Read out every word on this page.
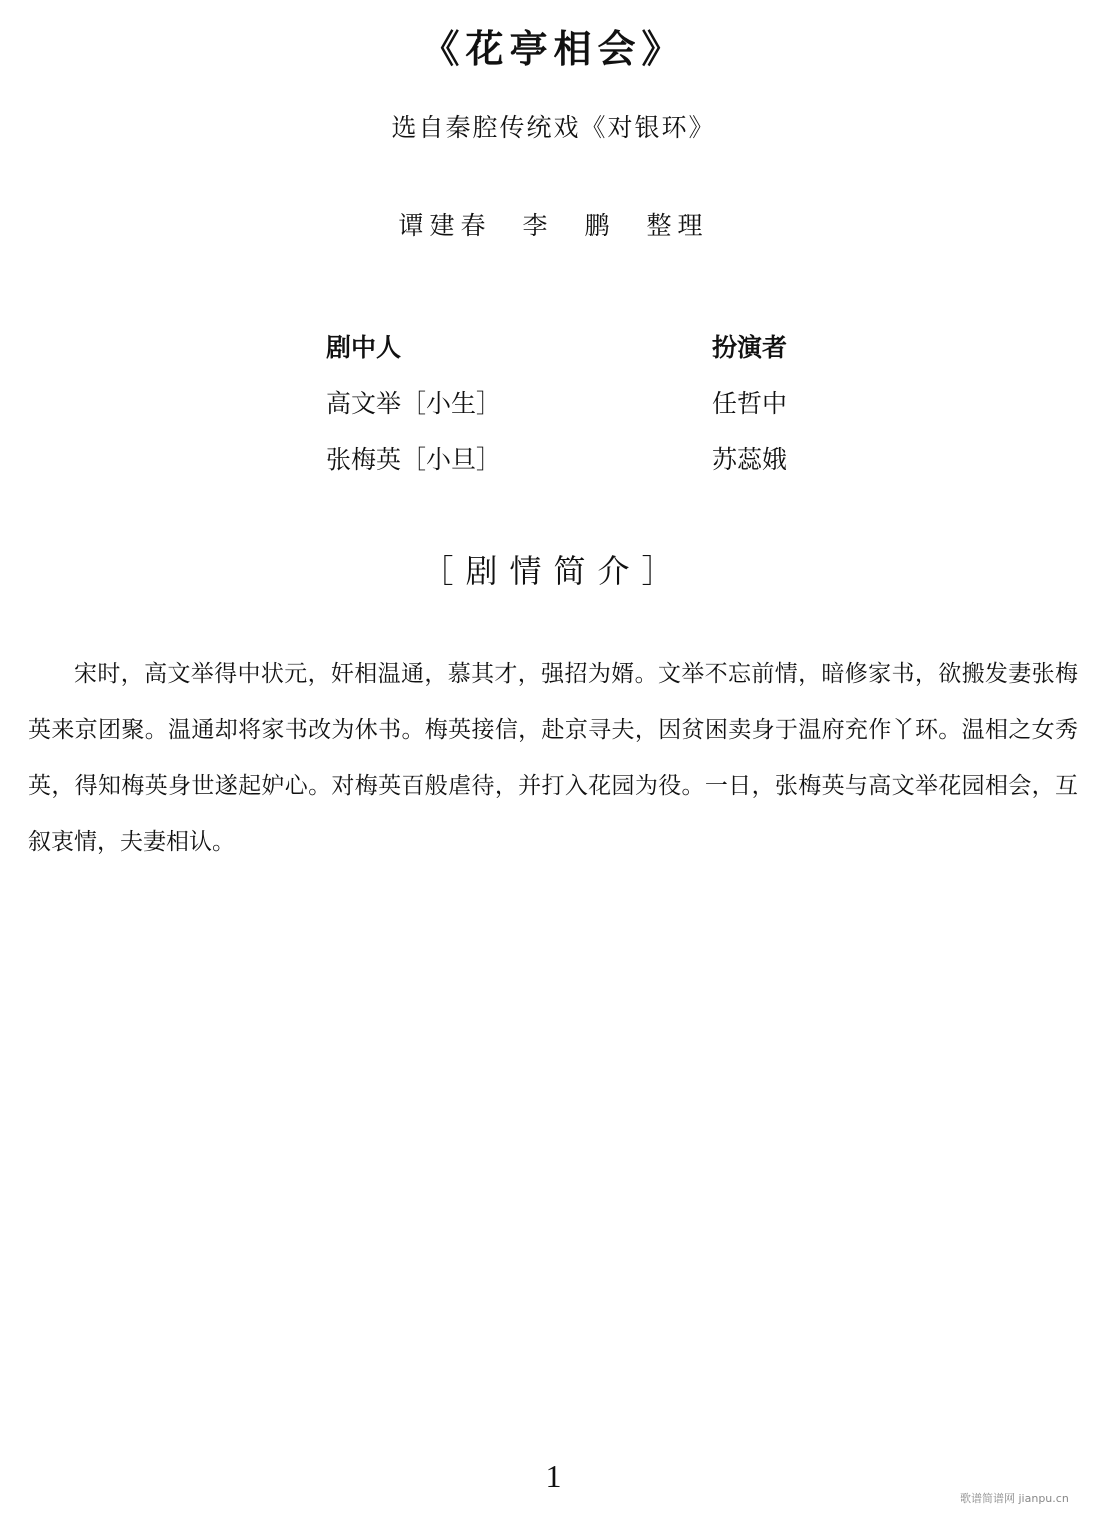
《花亭相会》
选自秦腔传统戏《对银环》
谭建春　李　鹏　整理
剧中人
高文举［小生］
张梅英［小旦］
扮演者
任哲中
苏蕊娥
［剧情简介］

宋时，高文举得中状元，奸相温通，慕其才，强招为婿。文举不忘前情，暗修家书，欲搬发妻张梅英来京团聚。温通却将家书改为休书。梅英接信，赴京寻夫，因贫困卖身于温府充作丫环。温相之女秀英，得知梅英身世遂起妒心。对梅英百般虐待，并打入花园为役。一日，张梅英与高文举花园相会，互叙衷情，夫妻相认。

1
歌谱简谱网 jianpu.cn
